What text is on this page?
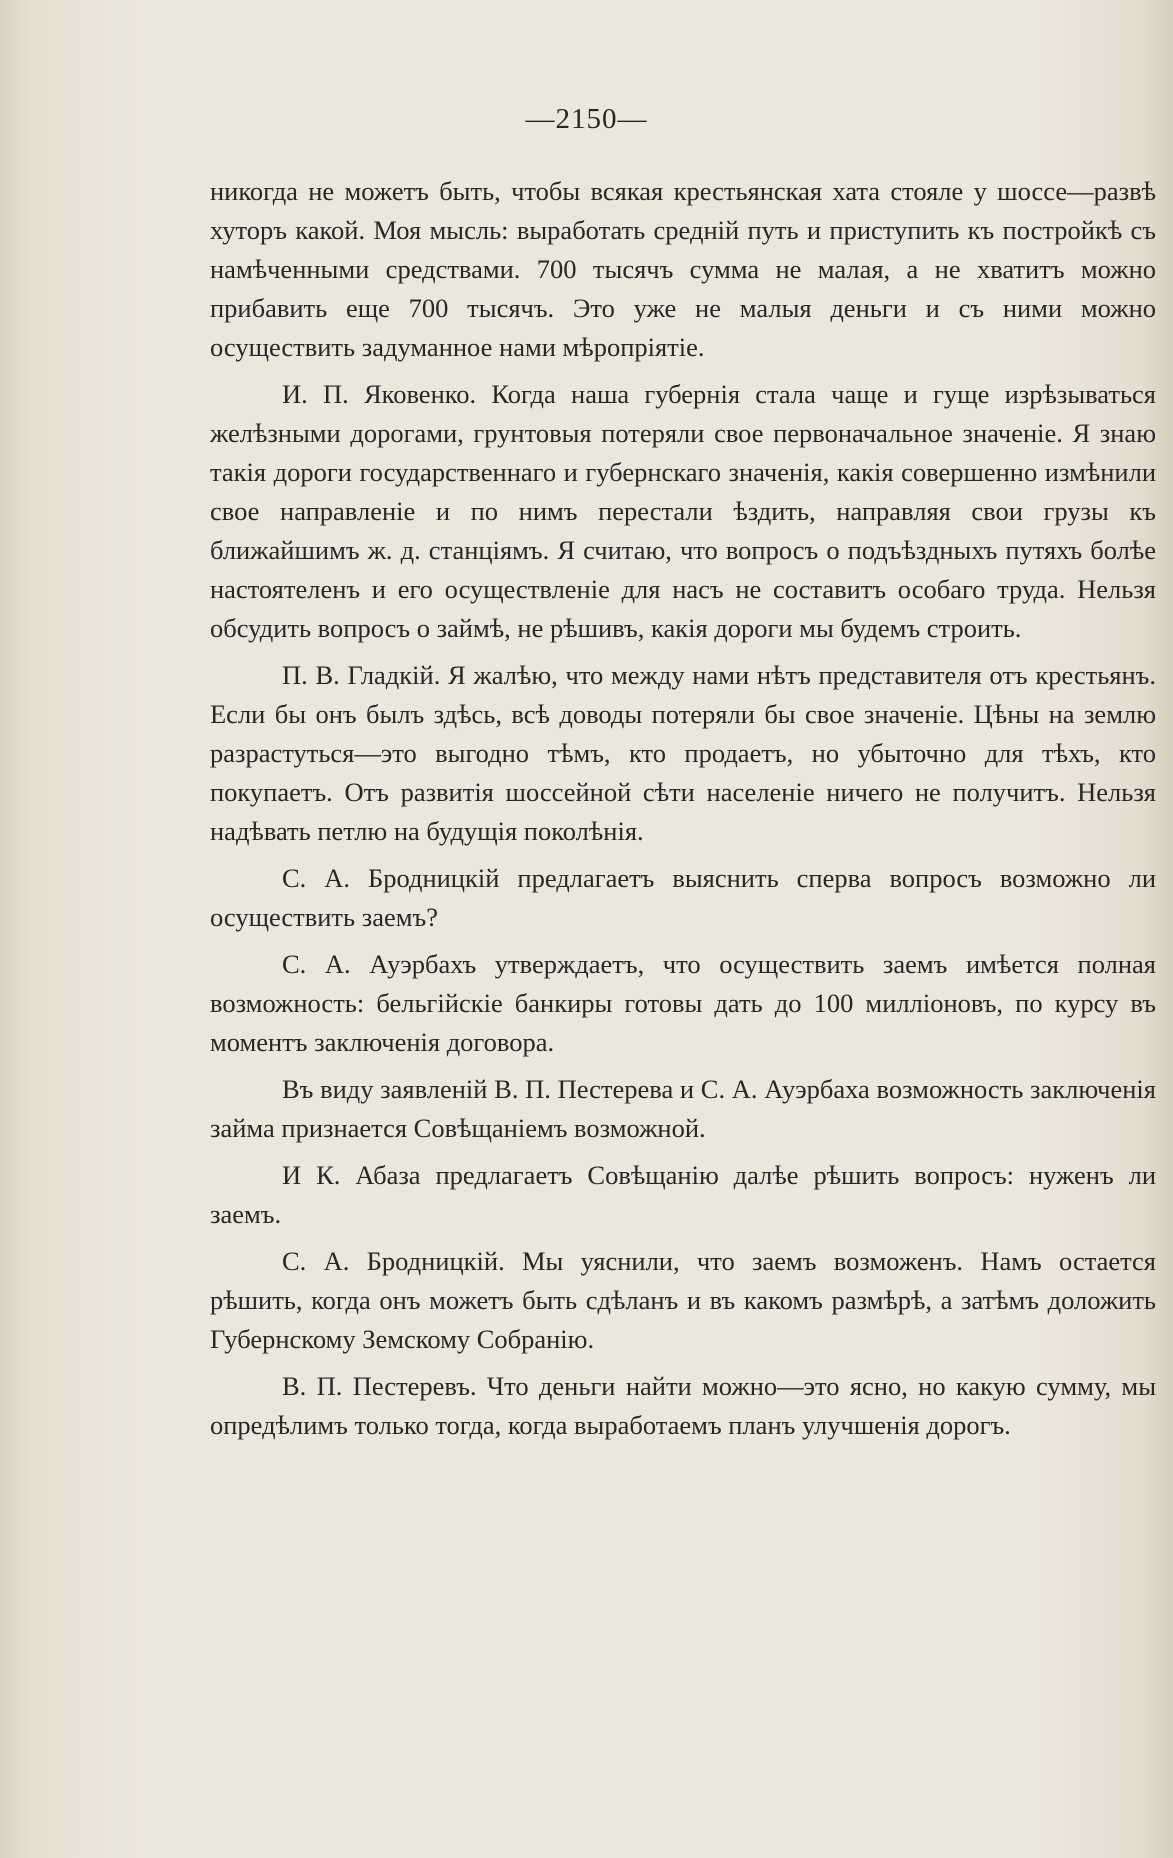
—2150—

никогда не можетъ быть, чтобы всякая крестьянская хата стояле у шоссе—развѣ хуторъ какой. Моя мысль: выработать среднiй путь и приступить къ постройкѣ съ намѣченными средствами. 700 тысячъ сумма не малая, а не хватитъ можно прибавить еще 700 тысячъ. Это уже не малыя деньги и съ ними можно осуществить задуманное нами мѣропрiятiе.

И. П. Яковенко. Когда наша губернiя стала чаще и гуще изрѣзываться желѣзными дорогами, грунтовыя потеряли свое первоначальное значенiе. Я знаю такiя дороги государственнаго и губернскаго значенiя, какiя совершенно измѣнили свое направленiе и по нимъ перестали ѣздить, направляя свои грузы къ ближайшимъ ж. д. станцiямъ. Я считаю, что вопросъ о подъѣздныхъ путяхъ болѣе настоятеленъ и его осуществленiе для насъ не составитъ особаго труда. Нельзя обсудить вопросъ о займѣ, не рѣшивъ, какiя дороги мы будемъ строить.

П. В. Гладкiй. Я жалѣю, что между нами нѣтъ представителя отъ крестьянъ. Если бы онъ былъ здѣсь, всѣ доводы потеряли бы свое значенiе. Цѣны на землю разрастуться—это выгодно тѣмъ, кто продаетъ, но убыточно для тѣхъ, кто покупаетъ. Отъ развитiя шоссейной сѣти населенiе ничего не получитъ. Нельзя надѣвать петлю на будущiя поколѣнiя.

С. А. Бродницкiй предлагаетъ выяснить сперва вопросъ возможно ли осуществить заемъ?

С. А. Ауэрбахъ утверждаетъ, что осуществить заемъ имѣется полная возможность: бельгiйскiе банкиры готовы дать до 100 миллiоновъ, по курсу въ моментъ заключенiя договора.

Въ виду заявленiй В. П. Пестерева и С. А. Ауэрбаха возможность заключенiя займа признается Совѣщанiемъ возможной.

И К. Абаза предлагаетъ Совѣщанiю далѣе рѣшить вопросъ: нуженъ ли заемъ.

С. А. Бродницкiй. Мы уяснили, что заемъ возможенъ. Намъ остается рѣшить, когда онъ можетъ быть сдѣланъ и въ какомъ размѣрѣ, а затѣмъ доложить Губернскому Земскому Собранiю.

В. П. Пестеревъ. Что деньги найти можно—это ясно, но какую сумму, мы опредѣлимъ только тогда, когда выработаемъ планъ улучшенiя дорогъ.
